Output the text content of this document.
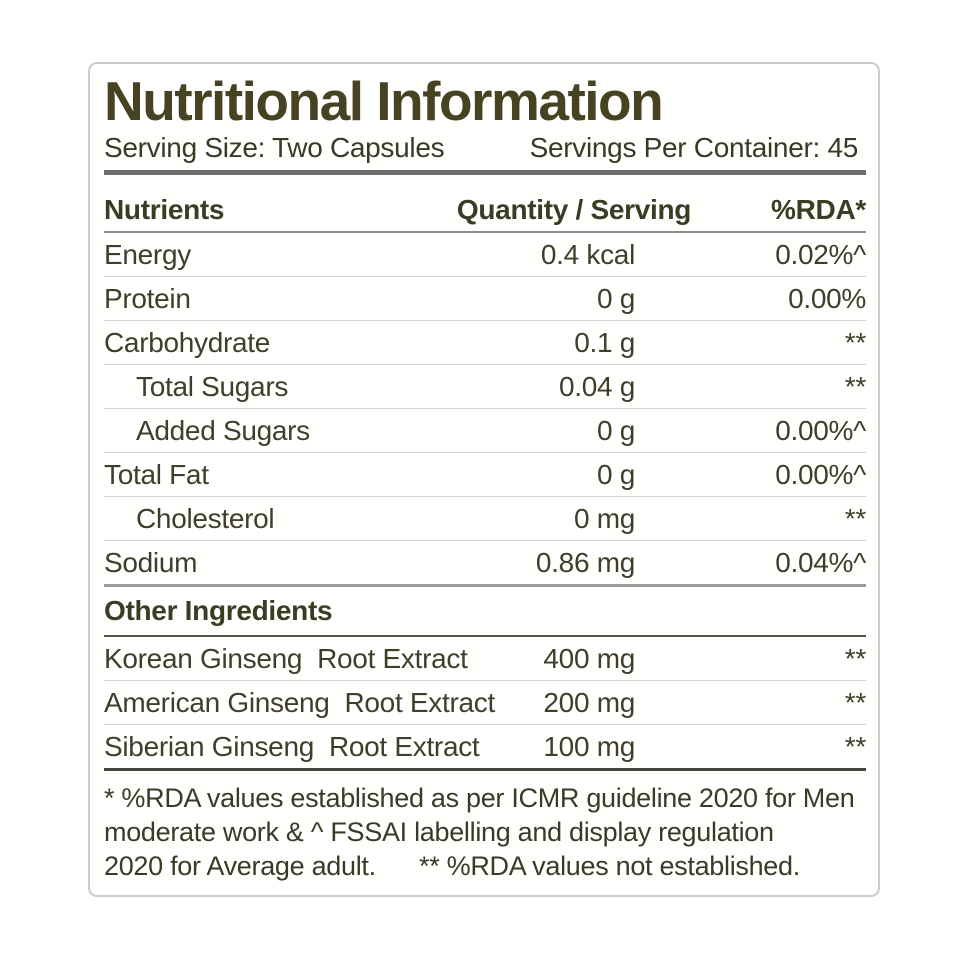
Nutritional Information
Serving Size: Two Capsules	Servings Per Container: 45
Nutrients	Quantity / Serving	%RDA*
Energy	0.4 kcal	0.02%^
Protein	0 g	0.00%
Carbohydrate	0.1 g	**
Total Sugars	0.04 g	**
Added Sugars	0 g	0.00%^
Total Fat	0 g	0.00%^
Cholesterol	0 mg	**
Sodium	0.86 mg	0.04%^
Other Ingredients
Korean Ginseng  Root Extract	400 mg	**
American Ginseng  Root Extract 200 mg	**
Siberian Ginseng  Root Extract 100 mg	**
* %RDA values established as per ICMR guideline 2020 for Men
moderate work & ^ FSSAI labelling and display regulation
2020 for Average adult.      ** %RDA values not established.
